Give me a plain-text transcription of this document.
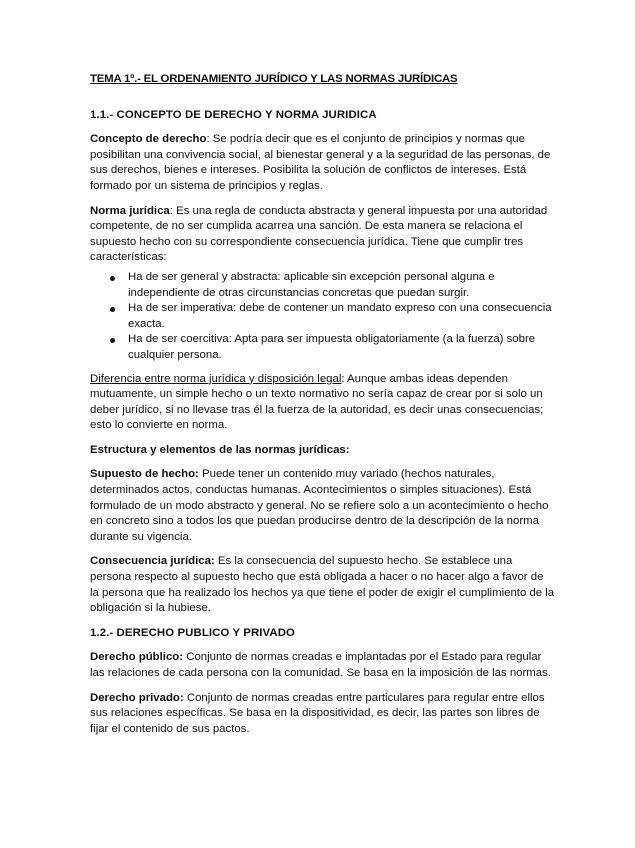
TEMA 1º.- EL ORDENAMIENTO JURÍDICO Y LAS NORMAS JURÍDICAS
1.1.- CONCEPTO DE DERECHO Y NORMA JURIDICA

Concepto de derecho: Se podría decir que es el conjunto de principios y normas que posibilitan una convivencia social, al bienestar general y a la seguridad de las personas, de sus derechos, bienes e intereses. Posibilita la solución de conflictos de intereses. Está formado por un sistema de principios y reglas.

Norma jurídica: Es una regla de conducta abstracta y general impuesta por una autoridad competente, de no ser cumplida acarrea una sanción. De esta manera se relaciona el supuesto hecho con su correspondiente consecuencia jurídica. Tiene que cumplir tres características:

Ha de ser general y abstracta: aplicable sin excepción personal alguna e independiente de otras circunstancias concretas que puedan surgir.
Ha de ser imperativa: debe de contener un mandato expreso con una consecuencia exacta.
Ha de ser coercitiva: Apta para ser impuesta obligatoriamente (a la fuerza) sobre cualquier persona.

Diferencia entre norma jurídica y disposición legal: Aunque ambas ideas dependen mutuamente, un simple hecho o un texto normativo no sería capaz de crear por si solo un deber jurídico, si no llevase tras él la fuerza de la autoridad, es decir unas consecuencias; esto lo convierte en norma.

Estructura y elementos de las normas jurídicas:

Supuesto de hecho: Puede tener un contenido muy variado (hechos naturales, determinados actos, conductas humanas. Acontecimientos o simples situaciones). Está formulado de un modo abstracto y general. No se refiere solo a un acontecimiento o hecho en concreto sino a todos los que puedan producirse dentro de la descripción de la norma durante su vigencia.

Consecuencia jurídica: Es la consecuencia del supuesto hecho. Se establece una persona respecto al supuesto hecho que está obligada a hacer o no hacer algo a favor de la persona que ha realizado los hechos ya que tiene el poder de exigir el cumplimiento de la obligación si la hubiese.

1.2.- DERECHO PUBLICO Y PRIVADO

Derecho público: Conjunto de normas creadas e implantadas por el Estado para regular las relaciones de cada persona con la comunidad. Se basa en la imposición de las normas.

Derecho privado: Conjunto de normas creadas entre particulares para regular entre ellos sus relaciones específicas. Se basa en la dispositividad, es decir, las partes son libres de fijar el contenido de sus pactos.
